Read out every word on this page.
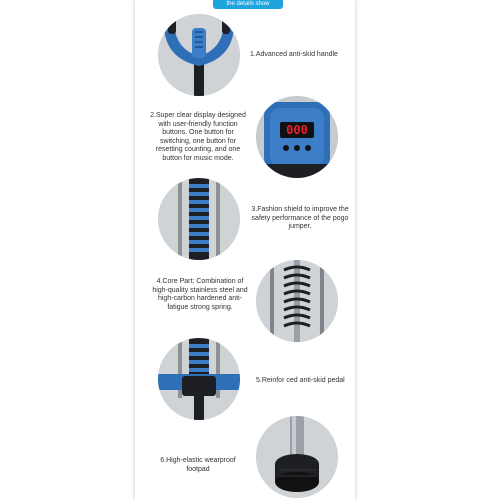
the details show

1.Advanced anti-skid handle

2.Super clear display designed with user-friendly function buttons. One button for switching, one button for resetting counting, and one button for music mode.

000

3.Fashion shield to improve the safety performance of the pogo jumper.

4.Core Part: Combination of high-quality stainless steel and high-carbon hardened anti-fatigue strong spring.

5.Reinfor ced anti-skid pedal

6.High-elastic wearproof footpad
